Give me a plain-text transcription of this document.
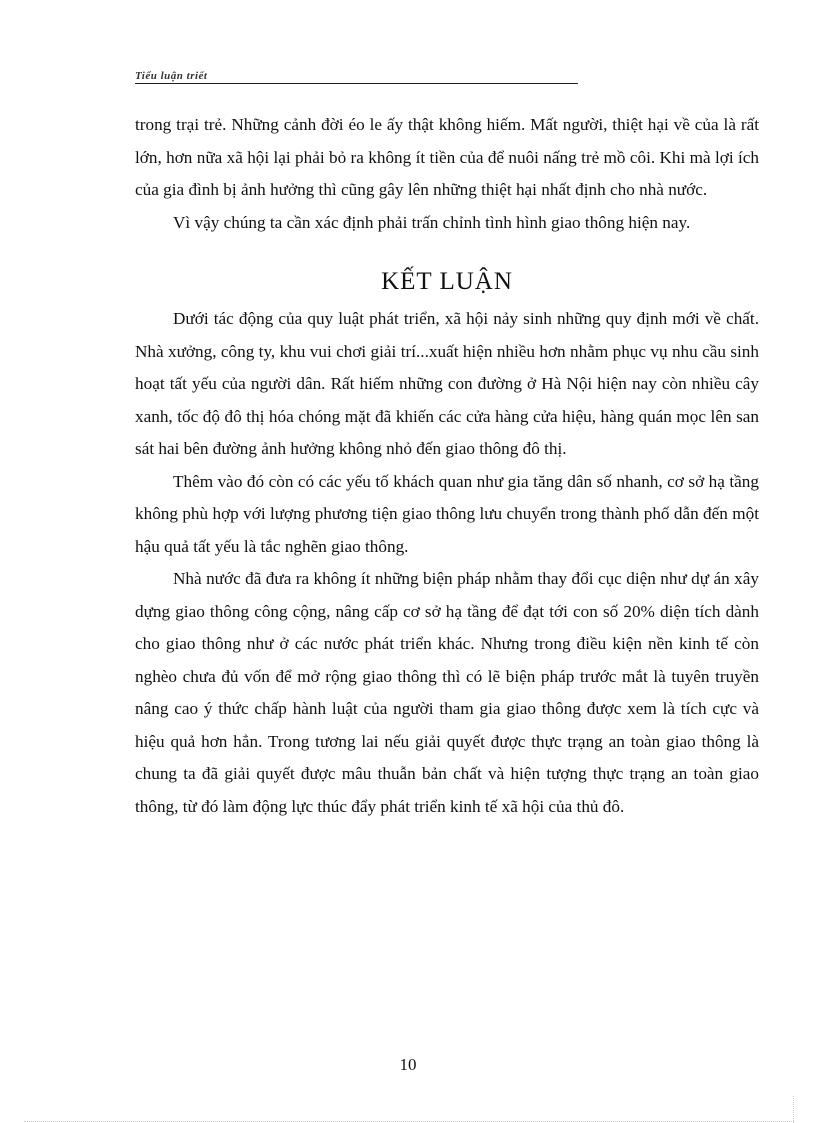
Tiểu luận triết

trong trại trẻ. Những cảnh đời éo le ấy thật không hiếm. Mất người, thiệt hại về của là rất lớn, hơn nữa xã hội lại phải bỏ ra không ít tiền của để nuôi nấng trẻ mồ côi. Khi mà lợi ích của gia đình bị ảnh hưởng thì cũng gây lên những thiệt hại nhất định cho nhà nước.

Vì vậy chúng ta cần xác định phải trấn chỉnh tình hình giao thông hiện nay.

KẾT LUẬN

Dưới tác động của quy luật phát triển, xã hội nảy sinh những quy định mới về chất. Nhà xưởng, công ty, khu vui chơi giải trí...xuất hiện nhiều hơn nhằm phục vụ nhu cầu sinh hoạt tất yếu của người dân. Rất hiếm những con đường ở Hà Nội hiện nay còn nhiều cây xanh, tốc độ đô thị hóa chóng mặt đã khiến các cửa hàng cửa hiệu, hàng quán mọc lên san sát hai bên đường ảnh hưởng không nhỏ đến giao thông đô thị.

Thêm vào đó còn có các yếu tố khách quan như gia tăng dân số nhanh, cơ sở hạ tầng không phù hợp với lượng phương tiện giao thông lưu chuyển trong thành phố dẫn đến một hậu quả tất yếu là tắc nghẽn giao thông.

Nhà nước đã đưa ra không ít những biện pháp nhằm thay đổi cục diện như dự án xây dựng giao thông công cộng, nâng cấp cơ sở hạ tầng để đạt tới con số 20% diện tích dành cho giao thông như ở các nước phát triển khác. Nhưng trong điều kiện nền kinh tế còn nghèo chưa đủ vốn để mở rộng giao thông thì có lẽ biện pháp trước mắt là tuyên truyền nâng cao ý thức chấp hành luật của người tham gia giao thông được xem là tích cực và hiệu quả hơn hẳn. Trong tương lai nếu giải quyết được thực trạng an toàn giao thông là chung ta đã giải quyết được mâu thuẫn bản chất và hiện tượng thực trạng an toàn giao thông, từ đó làm động lực thúc đẩy phát triển kinh tế xã hội của thủ đô.

10
